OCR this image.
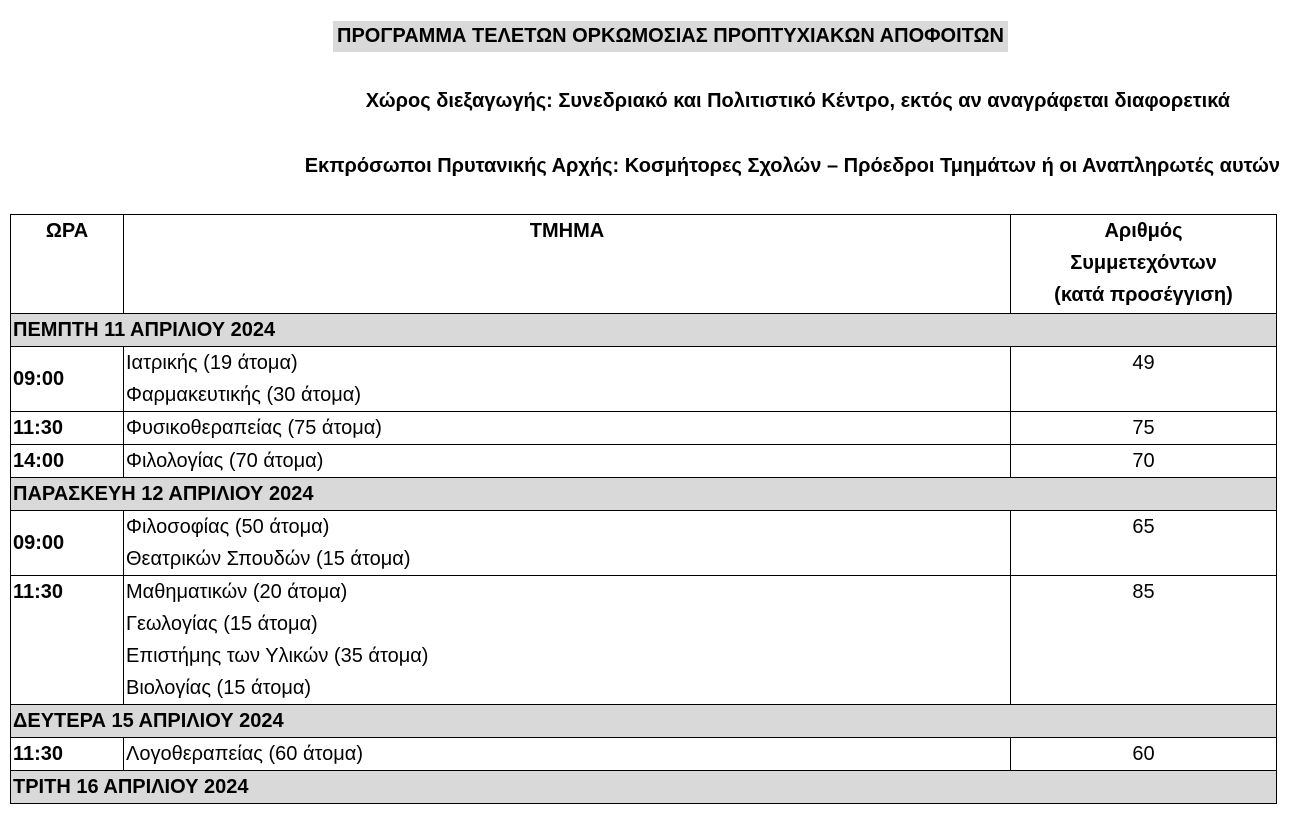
ΠΡΟΓΡΑΜΜΑ ΤΕΛΕΤΩΝ ΟΡΚΩΜΟΣΙΑΣ ΠΡΟΠΤΥΧΙΑΚΩΝ ΑΠΟΦΟΙΤΩΝ
Χώρος διεξαγωγής: Συνεδριακό και Πολιτιστικό Κέντρο, εκτός αν αναγράφεται διαφορετικά
Εκπρόσωποι Πρυτανικής Αρχής: Κοσμήτορες Σχολών – Πρόεδροι Τμημάτων ή οι Αναπληρωτές αυτών
ΩΡΑ	ΤΜΗΜΑ	Αριθμός
Συμμετεχόντων
(κατά προσέγγιση)

ΠΕΜΠΤΗ 11 ΑΠΡΙΛΙΟΥ 2024		
09:00	Ιατρικής (19 άτομα)
Φαρμακευτικής (30 άτομα)	49
11:30	Φυσικοθεραπείας (75 άτομα)	75
14:00	Φιλολογίας (70 άτομα)	70
ΠΑΡΑΣΚΕΥΗ 12 ΑΠΡΙΛΙΟΥ 2024		
09:00	Φιλοσοφίας (50 άτομα)
Θεατρικών Σπουδών (15 άτομα)	65
11:30	Μαθηματικών (20 άτομα)
Γεωλογίας (15 άτομα)
Επιστήμης των Υλικών (35 άτομα)
Βιολογίας (15 άτομα)	85
ΔΕΥΤΕΡΑ 15 ΑΠΡΙΛΙΟΥ 2024		
11:30	Λογοθεραπείας (60 άτομα)	60
ΤΡΙΤΗ 16 ΑΠΡΙΛΙΟΥ 2024		
